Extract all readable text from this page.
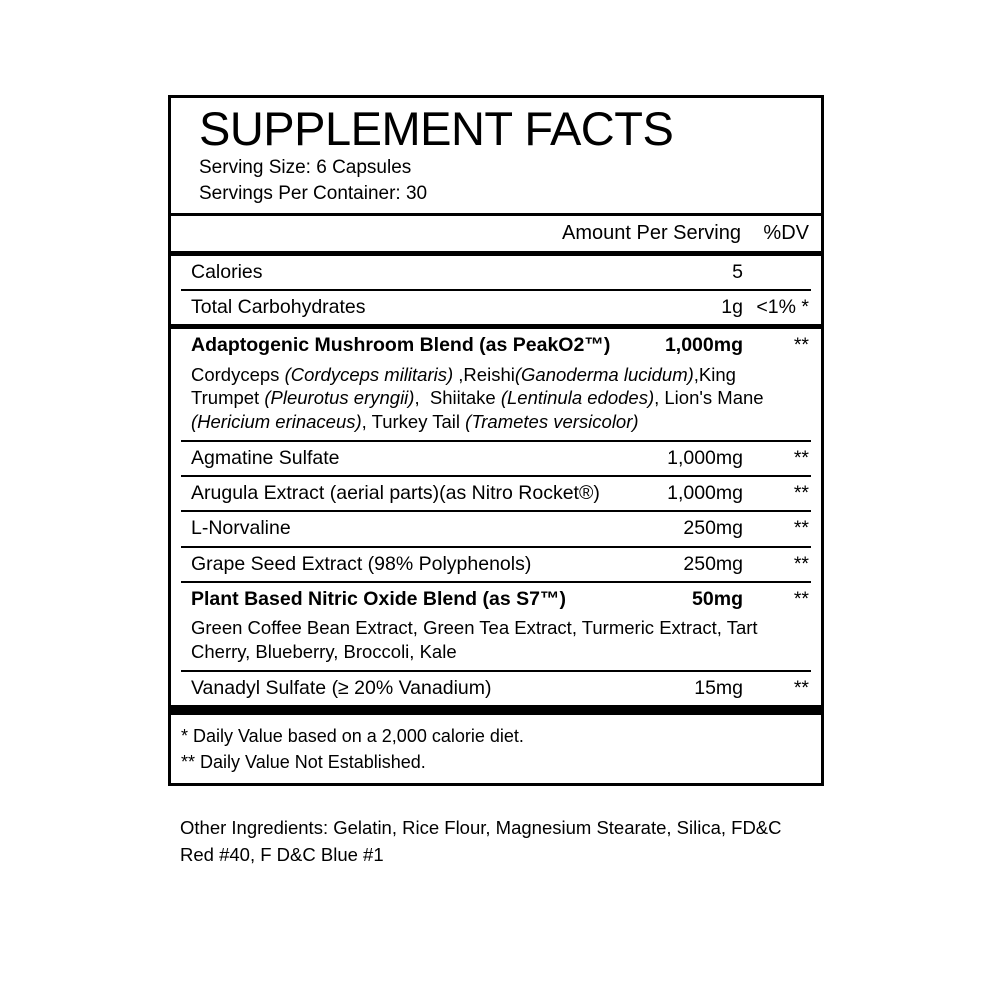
SUPPLEMENT FACTS
Serving Size: 6 Capsules
Servings Per Container: 30
Amount Per Serving	%DV
Calories	5
Total Carbohydrates	1g <1% *
Adaptogenic Mushroom Blend (as PeakO2™)	1,000mg	**
Cordyceps (Cordyceps militaris) ,Reishi(Ganoderma lucidum),King Trumpet (Pleurotus eryngii),  Shiitake (Lentinula edodes), Lion's Mane (Hericium erinaceus), Turkey Tail (Trametes versicolor)
Agmatine Sulfate	1,000mg	**
Arugula Extract (aerial parts)(as Nitro Rocket®)	1,000mg	**
L-Norvaline	250mg	**
Grape Seed Extract (98% Polyphenols)	250mg	**
Plant Based Nitric Oxide Blend (as S7™)	50mg	**
Green Coffee Bean Extract, Green Tea Extract, Turmeric Extract, Tart Cherry, Blueberry, Broccoli, Kale
Vanadyl Sulfate (≥ 20% Vanadium)	15mg	**
* Daily Value based on a 2,000 calorie diet.
** Daily Value Not Established.
Other Ingredients: Gelatin, Rice Flour, Magnesium Stearate, Silica, FD&C Red #40, F D&C Blue #1
